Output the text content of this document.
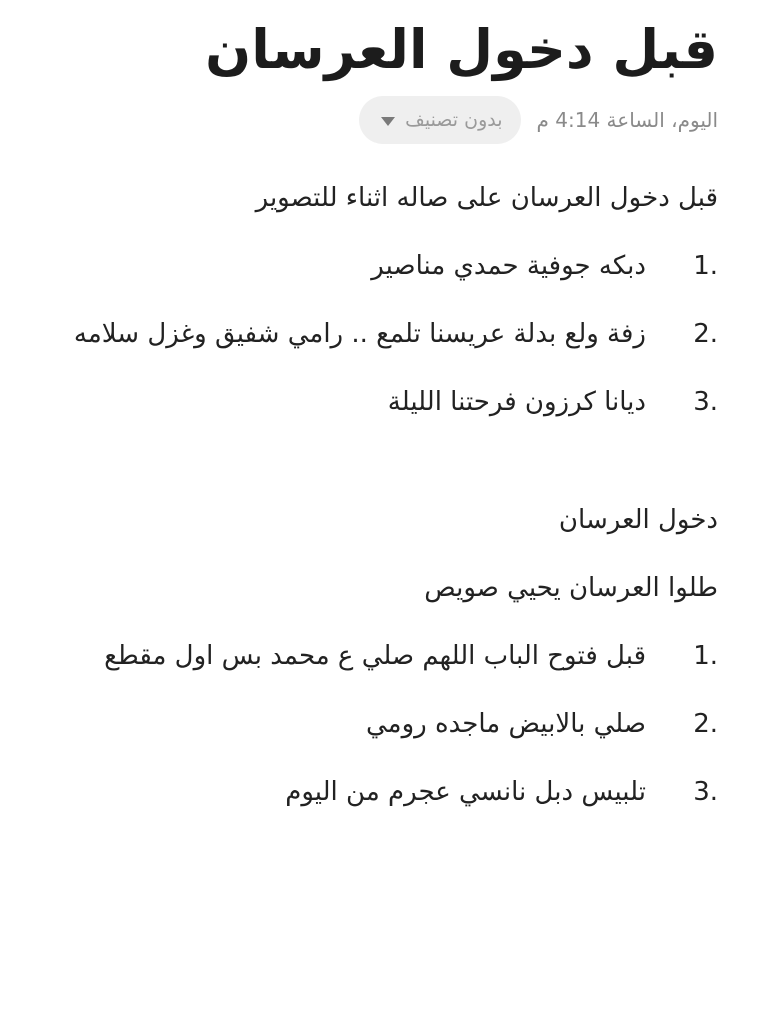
قبل دخول العرسان
اليوم، الساعة 4:14 م
بدون تصنيف

قبل دخول العرسان على صاله اثناء للتصوير

1.
دبكه جوفية حمدي مناصير
2.
زفة ولع بدلة عريسنا تلمع .. رامي شفيق وغزل سلامه
3.
ديانا كرزون فرحتنا الليلة

دخول العرسان

طلوا العرسان يحيي صويص

1.
قبل فتوح الباب اللهم صلي ع محمد بس اول مقطع
2.
صلي بالابيض ماجده رومي
3.
تلبيس دبل نانسي عجرم من اليوم
